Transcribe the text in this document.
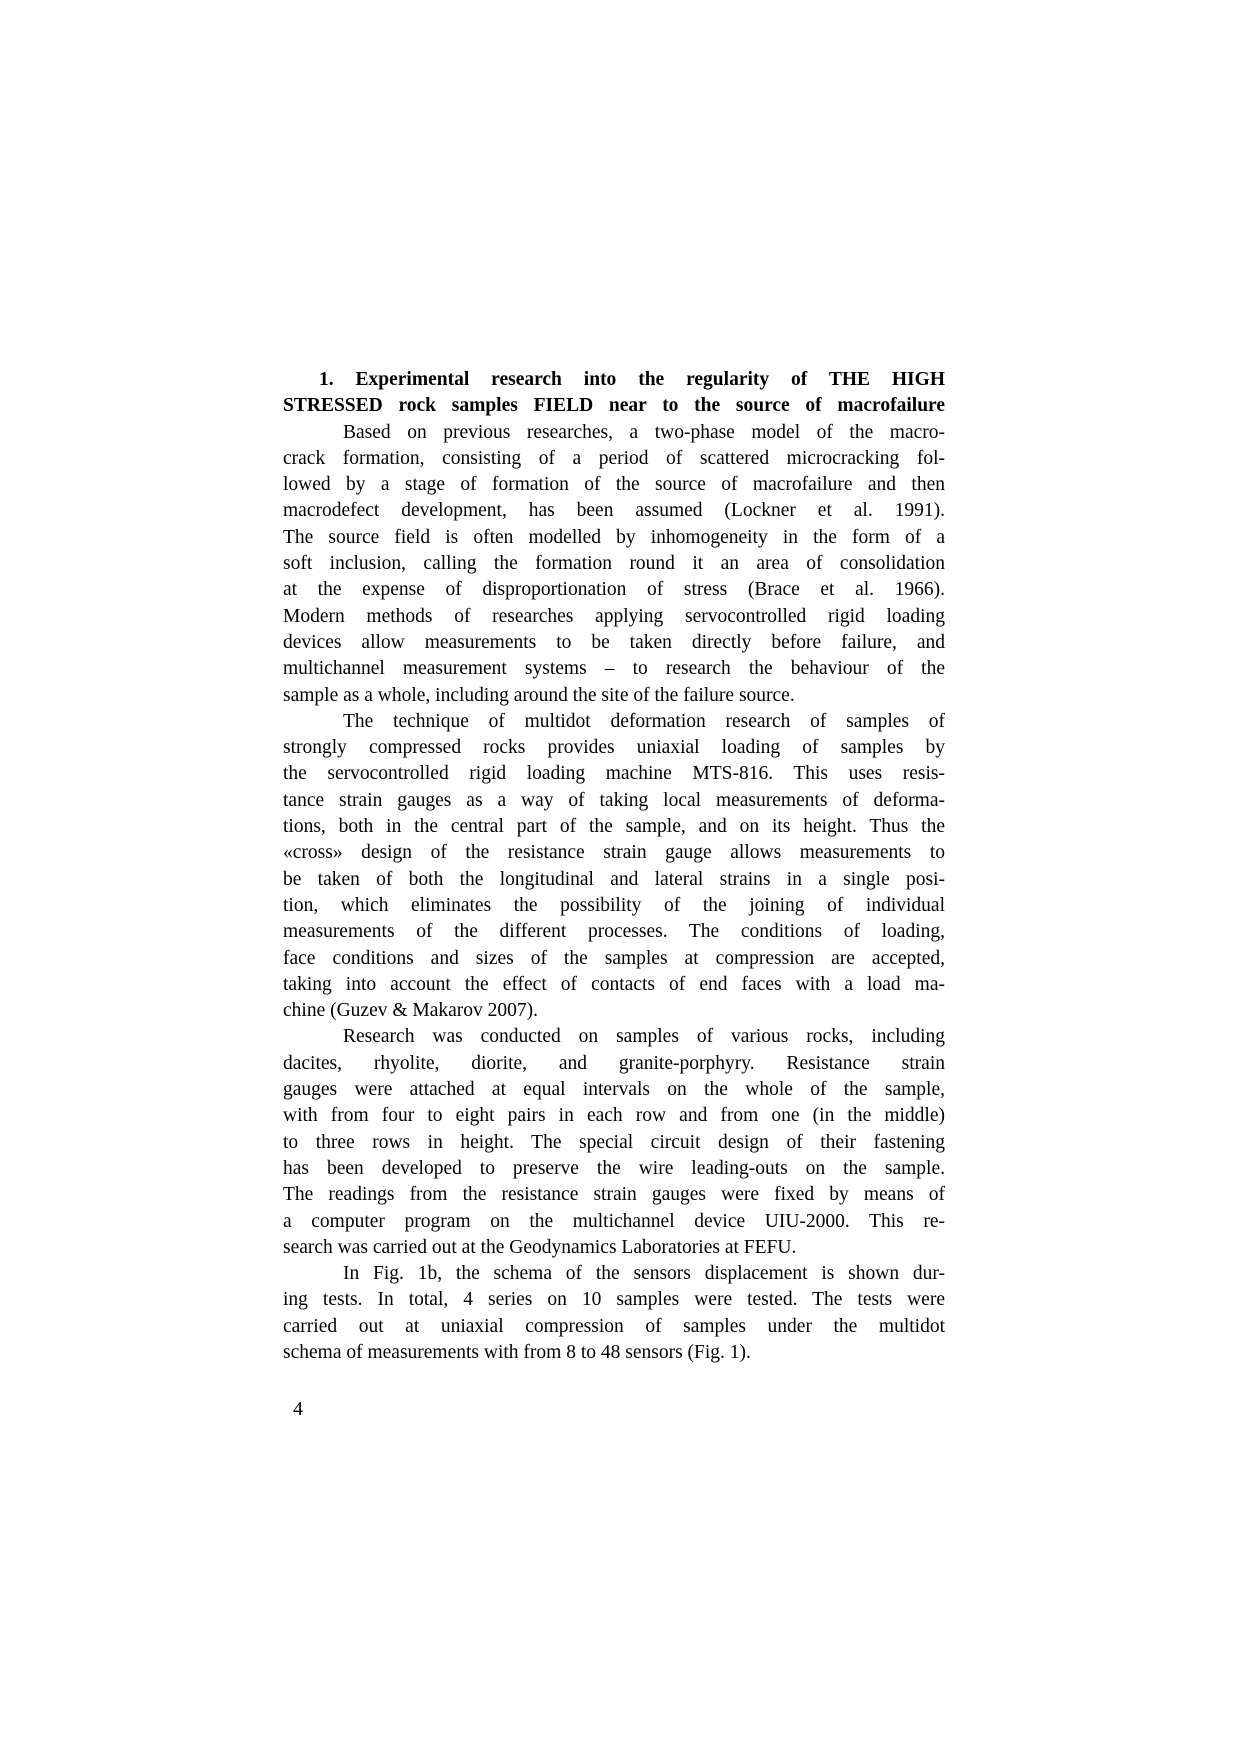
1. Experimental research into the regularity of THE HIGH
STRESSED rock samples FIELD near to the source of macrofailure
Based on previous researches, a two-phase model of the macro-
crack formation, consisting of a period of scattered microcracking fol-
lowed by a stage of formation of the source of macrofailure and then
macrodefect development, has been assumed (Lockner et al. 1991).
The source field is often modelled by inhomogeneity in the form of a
soft inclusion, calling the formation round it an area of consolidation
at the expense of disproportionation of stress (Brace et al. 1966).
Modern methods of researches applying servocontrolled rigid loading
devices allow measurements to be taken directly before failure, and
multichannel measurement systems – to research the behaviour of the
sample as a whole, including around the site of the failure source.
The technique of multidot deformation research of samples of
strongly compressed rocks provides uniaxial loading of samples by
the servocontrolled rigid loading machine MTS-816. This uses resis-
tance strain gauges as a way of taking local measurements of deforma-
tions, both in the central part of the sample, and on its height. Thus the
«cross» design of the resistance strain gauge allows measurements to
be taken of both the longitudinal and lateral strains in a single posi-
tion, which eliminates the possibility of the joining of individual
measurements of the different processes. The conditions of loading,
face conditions and sizes of the samples at compression are accepted,
taking into account the effect of contacts of end faces with a load ma-
chine (Guzev & Makarov 2007).
Research was conducted on samples of various rocks, including
dacites, rhyolite, diorite, and granite-porphyry. Resistance strain
gauges were attached at equal intervals on the whole of the sample,
with from four to eight pairs in each row and from one (in the middle)
to three rows in height. The special circuit design of their fastening
has been developed to preserve the wire leading-outs on the sample.
The readings from the resistance strain gauges were fixed by means of
a computer program on the multichannel device UIU-2000. This re-
search was carried out at the Geodynamics Laboratories at FEFU.
In Fig. 1b, the schema of the sensors displacement is shown dur-
ing tests. In total, 4 series on 10 samples were tested. The tests were
carried out at uniaxial compression of samples under the multidot
schema of measurements with from 8 to 48 sensors (Fig. 1).
4
